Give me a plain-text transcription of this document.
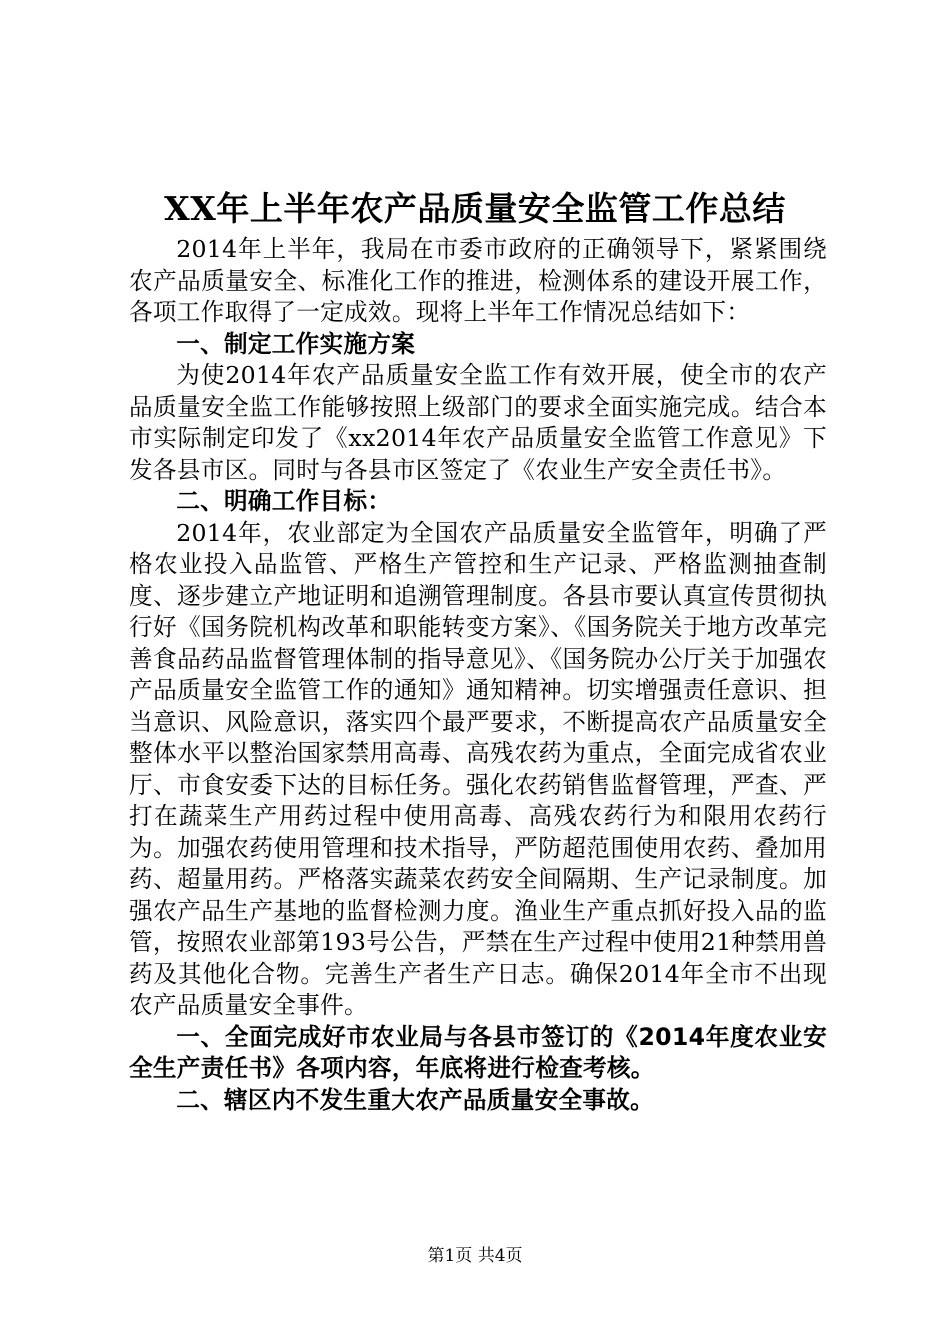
XX年上半年农产品质量安全监管工作总结

2014年上半年，我局在市委市政府的正确领导下，紧紧围绕农产品质量安全、标准化工作的推进，检测体系的建设开展工作，各项工作取得了一定成效。现将上半年工作情况总结如下：

一、制定工作实施方案

为使2014年农产品质量安全监工作有效开展，使全市的农产品质量安全监工作能够按照上级部门的要求全面实施完成。结合本市实际制定印发了《xx2014年农产品质量安全监管工作意见》下发各县市区。同时与各县市区签定了《农业生产安全责任书》。

二、明确工作目标：

2014年，农业部定为全国农产品质量安全监管年，明确了严格农业投入品监管、严格生产管控和生产记录、严格监测抽查制度、逐步建立产地证明和追溯管理制度。各县市要认真宣传贯彻执行好《国务院机构改革和职能转变方案》、《国务院关于地方改革完善食品药品监督管理体制的指导意见》、《国务院办公厅关于加强农产品质量安全监管工作的通知》通知精神。切实增强责任意识、担当意识、风险意识，落实四个最严要求，不断提高农产品质量安全整体水平以整治国家禁用高毒、高残农药为重点，全面完成省农业厅、市食安委下达的目标任务。强化农药销售监督管理，严查、严打在蔬菜生产用药过程中使用高毒、高残农药行为和限用农药行为。加强农药使用管理和技术指导，严防超范围使用农药、叠加用药、超量用药。严格落实蔬菜农药安全间隔期、生产记录制度。加强农产品生产基地的监督检测力度。渔业生产重点抓好投入品的监管，按照农业部第193号公告，严禁在生产过程中使用21种禁用兽药及其他化合物。完善生产者生产日志。确保2014年全市不出现农产品质量安全事件。

一、全面完成好市农业局与各县市签订的《2014年度农业安全生产责任书》各项内容，年底将进行检查考核。

二、辖区内不发生重大农产品质量安全事故。

第1页 共4页
